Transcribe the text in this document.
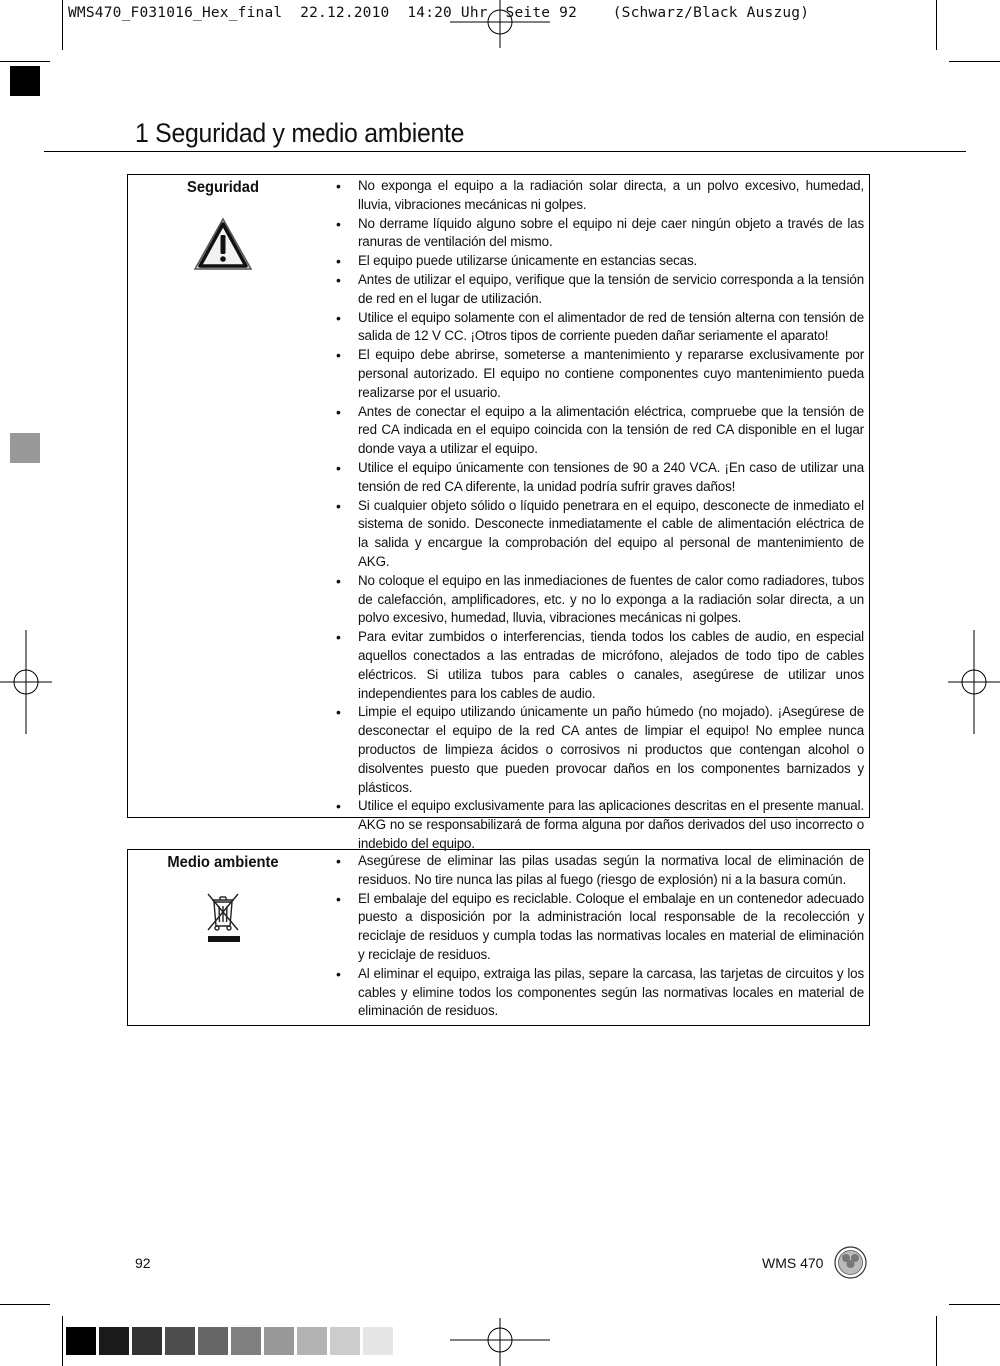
WMS470_F031016_Hex_final  22.12.2010  14:20 Uhr  Seite 92    (Schwarz/Black Auszug)
1 Seguridad y medio ambiente
Seguridad	• No exponga el equipo a la radiación solar directa, a un polvo excesivo, humedad, lluvia, vibraciones mecánicas ni golpes.
• No derrame líquido alguno sobre el equipo ni deje caer ningún objeto a través de las ranuras de ventilación del mismo.
• El equipo puede utilizarse únicamente en estancias secas.
• Antes de utilizar el equipo, verifique que la tensión de servicio corresponda a la tensión de red en el lugar de utilización.
• Utilice el equipo solamente con el alimentador de red de tensión alterna con tensión de salida de 12 V CC. ¡Otros tipos de corriente pueden dañar seriamente el aparato!
• El equipo debe abrirse, someterse a mantenimiento y repararse exclusivamente por personal autorizado. El equipo no contiene componentes cuyo mantenimiento pueda realizarse por el usuario.
• Antes de conectar el equipo a la alimentación eléctrica, compruebe que la tensión de red CA indicada en el equipo coincida con la tensión de red CA disponible en el lugar donde vaya a utilizar el equipo.
• Utilice el equipo únicamente con tensiones de 90 a 240 VCA. ¡En caso de utilizar una tensión de red CA diferente, la unidad podría sufrir graves daños!
• Si cualquier objeto sólido o líquido penetrara en el equipo, desconecte de inmediato el sistema de sonido. Desconecte inmediatamente el cable de alimentación eléctrica de la salida y encargue la comprobación del equipo al personal de mantenimiento de AKG.
• No coloque el equipo en las inmediaciones de fuentes de calor como radiadores, tubos de calefacción, amplificadores, etc. y no lo exponga a la radiación solar directa, a un polvo excesivo, humedad, lluvia, vibraciones mecánicas ni golpes.
• Para evitar zumbidos o interferencias, tienda todos los cables de audio, en especial aquellos conectados a las entradas de micrófono, alejados de todo tipo de cables eléctricos. Si utiliza tubos para cables o canales, asegúrese de utilizar unos independientes para los cables de audio.
• Limpie el equipo utilizando únicamente un paño húmedo (no mojado). ¡Asegúrese de desconectar el equipo de la red CA antes de limpiar el equipo! No emplee nunca productos de limpieza ácidos o corrosivos ni productos que contengan alcohol o disolventes puesto que pueden provocar daños en los componentes barnizados y plásticos.
• Utilice el equipo exclusivamente para las aplicaciones descritas en el presente manual. AKG no se responsabilizará de forma alguna por daños derivados del uso incorrecto o indebido del equipo.
Medio ambiente	• Asegúrese de eliminar las pilas usadas según la normativa local de eliminación de residuos. No tire nunca las pilas al fuego (riesgo de explosión) ni a la basura común.
• El embalaje del equipo es reciclable. Coloque el embalaje en un contenedor adecuado puesto a disposición por la administración local responsable de la recolección y reciclaje de residuos y cumpla todas las normativas locales en material de eliminación y reciclaje de residuos.
• Al eliminar el equipo, extraiga las pilas, separe la carcasa, las tarjetas de circuitos y los cables y elimine todos los componentes según las normativas locales en material de eliminación de residuos.
92	WMS 470
